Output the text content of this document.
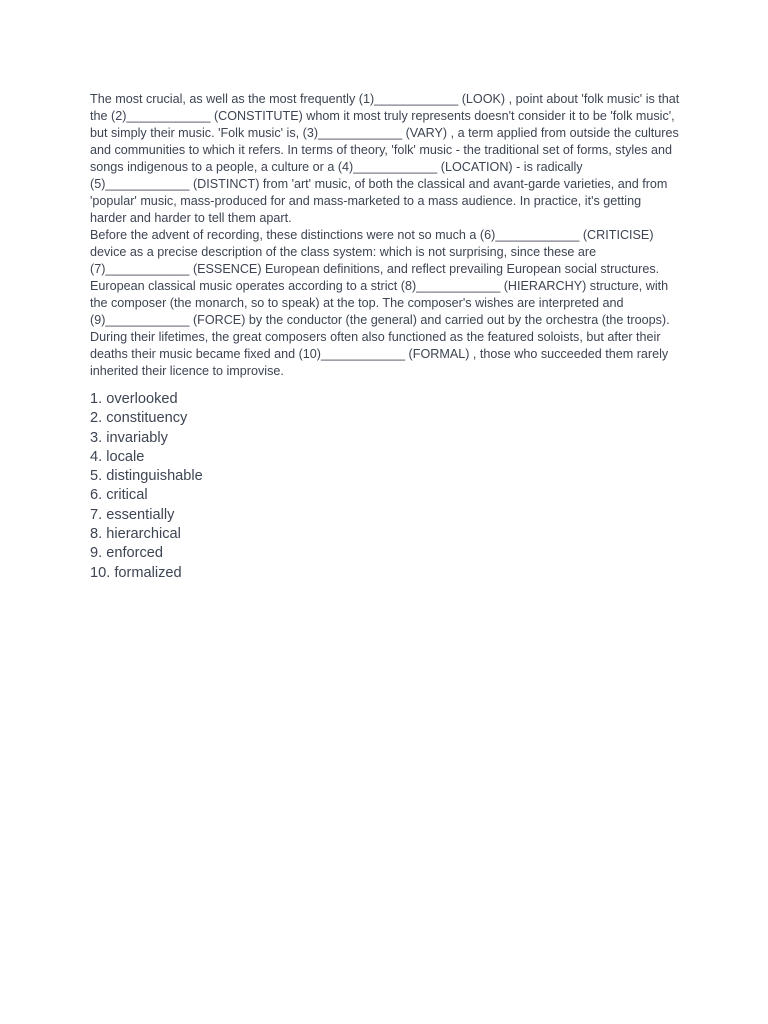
The most crucial, as well as the most frequently (1)____________ (LOOK) , point about 'folk music' is that the (2)____________ (CONSTITUTE) whom it most truly represents doesn't consider it to be 'folk music', but simply their music. 'Folk music' is, (3)____________ (VARY) , a term applied from outside the cultures and communities to which it refers. In terms of theory, 'folk' music - the traditional set of forms, styles and songs indigenous to a people, a culture or a (4)____________ (LOCATION) - is radically (5)____________ (DISTINCT) from 'art' music, of both the classical and avant-garde varieties, and from 'popular' music, mass-produced for and mass-marketed to a mass audience. In practice, it's getting harder and harder to tell them apart.

Before the advent of recording, these distinctions were not so much a (6)____________ (CRITICISE) device as a precise description of the class system: which is not surprising, since these are (7)____________ (ESSENCE) European definitions, and reflect prevailing European social structures. European classical music operates according to a strict (8)____________ (HIERARCHY) structure, with the composer (the monarch, so to speak) at the top. The composer's wishes are interpreted and (9)____________ (FORCE) by the conductor (the general) and carried out by the orchestra (the troops). During their lifetimes, the great composers often also functioned as the featured soloists, but after their deaths their music became fixed and (10)____________ (FORMAL) , those who succeeded them rarely inherited their licence to improvise.

1. overlooked
2. constituency
3. invariably
4. locale
5. distinguishable
6. critical
7. essentially
8. hierarchical
9. enforced
10. formalized
